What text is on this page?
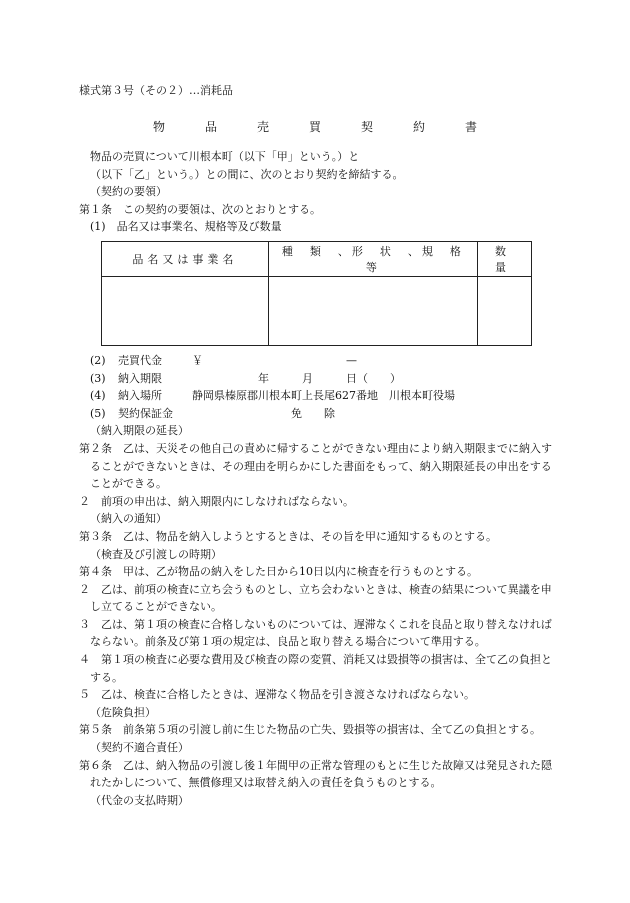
様式第３号（その２）…消耗品
物　品　売　買　契　約　書
物品の売買について川根本町（以下「甲」という。）と
（以下「乙」という。）との間に、次のとおり契約を締結する。
（契約の要領）
第１条　この契約の要領は、次のとおりとする。
(1)　品名又は事業名、規格等及び数量
品名又は事業名	種　類　、形　状　、規　格　等	数　量

(2)	売買代金	￥　　　　　　　　　　　　　—
(3)	納入期限	　　　　　　年　　　月　　　日（　　）
(4)	納入場所	静岡県榛原郡川根本町上長尾627番地　川根本町役場
(5)	契約保証金	　　　　　　　　　免　　除
（納入期限の延長）
第２条　乙は、天災その他自己の責めに帰することができない理由により納入期限までに納入することができないときは、その理由を明らかにした書面をもって、納入期限延長の申出をすることができる。
２　前項の申出は、納入期限内にしなければならない。
（納入の通知）
第３条　乙は、物品を納入しようとするときは、その旨を甲に通知するものとする。
（検査及び引渡しの時期）
第４条　甲は、乙が物品の納入をした日から10日以内に検査を行うものとする。
２　乙は、前項の検査に立ち会うものとし、立ち会わないときは、検査の結果について異議を申し立てることができない。
３　乙は、第１項の検査に合格しないものについては、遅滞なくこれを良品と取り替えなければならない。前条及び第１項の規定は、良品と取り替える場合について準用する。
４　第１項の検査に必要な費用及び検査の際の変質、消耗又は毀損等の損害は、全て乙の負担とする。
５　乙は、検査に合格したときは、遅滞なく物品を引き渡さなければならない。
（危険負担）
第５条　前条第５項の引渡し前に生じた物品の亡失、毀損等の損害は、全て乙の負担とする。
（契約不適合責任）
第６条　乙は、納入物品の引渡し後１年間甲の正常な管理のもとに生じた故障又は発見された隠れたかしについて、無償修理又は取替え納入の責任を負うものとする。
（代金の支払時期）
